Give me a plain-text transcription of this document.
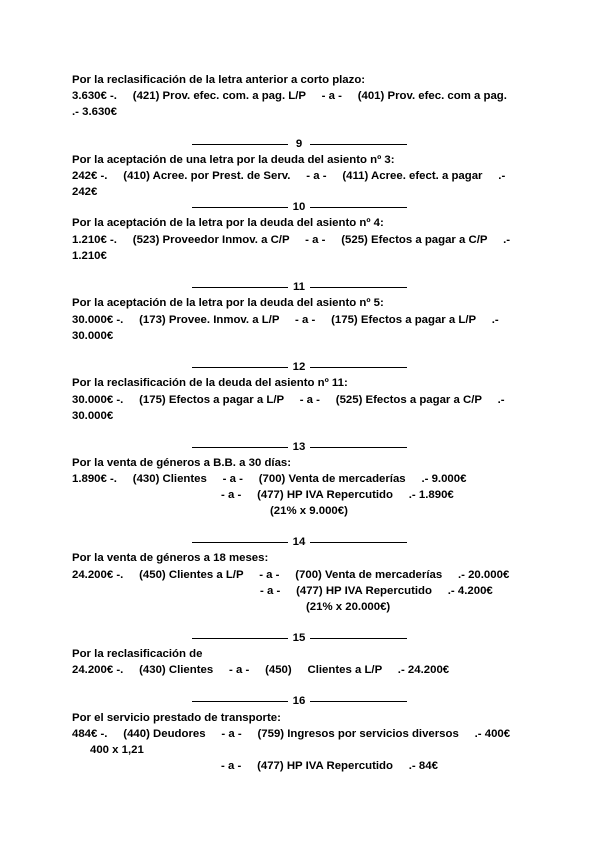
Por la reclasificación de la letra anterior a corto plazo:
3.630€ -.     (421) Prov. efec. com. a pag. L/P     - a -     (401) Prov. efec. com a pag.
.- 3.630€
9
Por la aceptación de una letra por la deuda del asiento nº 3:
242€ -.     (410) Acree. por Prest. de Serv.     - a -     (411) Acree. efect. a pagar     .-
242€
10
Por la aceptación de la letra por la deuda del asiento nº 4:
1.210€ -.     (523) Proveedor Inmov. a C/P     - a -     (525) Efectos a pagar a C/P     .-
1.210€
11
Por la aceptación de la letra por la deuda del asiento nº 5:
30.000€ -.     (173) Provee. Inmov. a L/P     - a -     (175) Efectos a pagar a L/P     .-
30.000€
12
Por la reclasificación de la deuda del asiento nº 11:
30.000€ -.     (175) Efectos a pagar a L/P     - a -     (525) Efectos a pagar a C/P     .-
30.000€
13
Por la venta de géneros a B.B. a 30 días:
1.890€ -.     (430) Clientes     - a -     (700) Venta de mercaderías     .- 9.000€
- a -     (477) HP IVA Repercutido     .- 1.890€
(21% x 9.000€)
14
Por la venta de géneros a 18 meses:
24.200€ -.     (450) Clientes a L/P     - a -     (700) Venta de mercaderías     .- 20.000€
- a -     (477) HP IVA Repercutido     .- 4.200€
(21% x 20.000€)
15
Por la reclasificación de
24.200€ -.     (430) Clientes     - a -     (450)     Clientes a L/P     .- 24.200€
16
Por el servicio prestado de transporte:
484€ -.     (440) Deudores     - a -     (759) Ingresos por servicios diversos     .- 400€
400 x 1,21
- a -     (477) HP IVA Repercutido     .- 84€
